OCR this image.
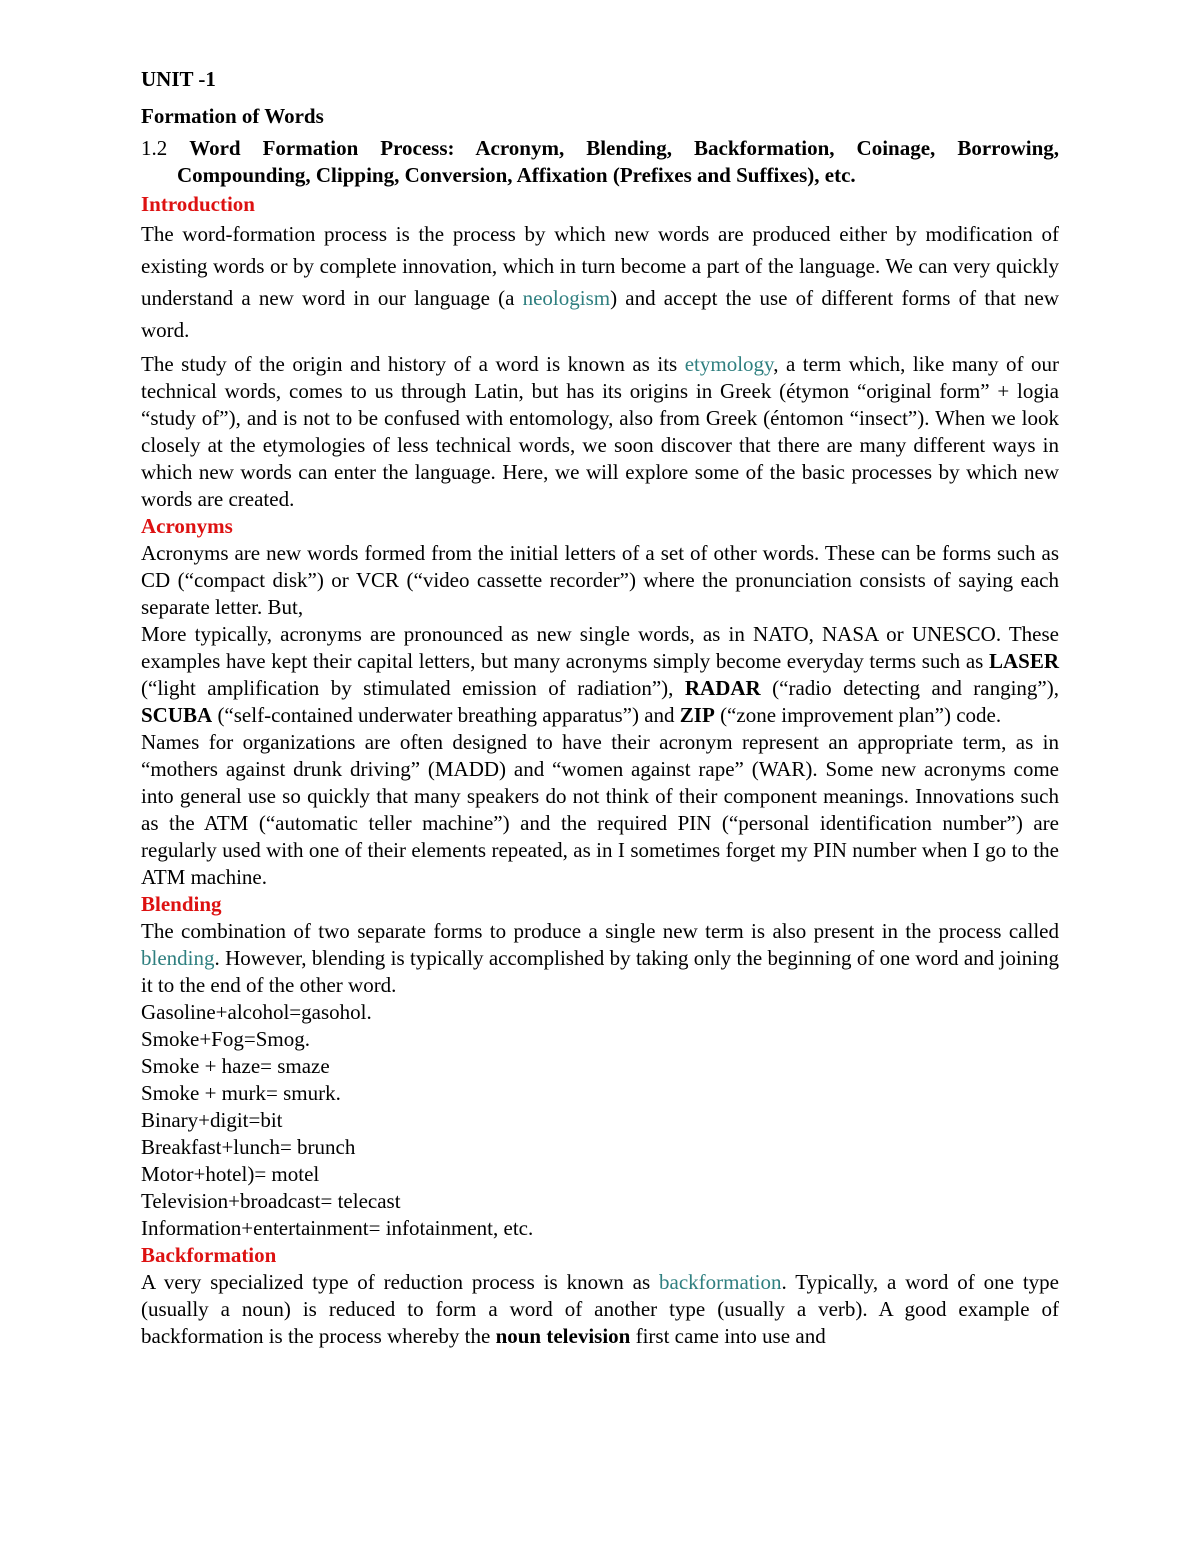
UNIT -1

Formation of Words

1.2 Word Formation Process: Acronym, Blending, Backformation, Coinage, Borrowing, Compounding, Clipping, Conversion, Affixation (Prefixes and Suffixes), etc.

Introduction

The word-formation process is the process by which new words are produced either by modification of existing words or by complete innovation, which in turn become a part of the language. We can very quickly understand a new word in our language (a neologism) and accept the use of different forms of that new word.

The study of the origin and history of a word is known as its etymology, a term which, like many of our technical words, comes to us through Latin, but has its origins in Greek (étymon “original form” + logia “study of”), and is not to be confused with entomology, also from Greek (éntomon “insect”). When we look closely at the etymologies of less technical words, we soon discover that there are many different ways in which new words can enter the language. Here, we will explore some of the basic processes by which new words are created.

Acronyms

Acronyms are new words formed from the initial letters of a set of other words. These can be forms such as CD (“compact disk”) or VCR (“video cassette recorder”) where the pronunciation consists of saying each separate letter. But,

More typically, acronyms are pronounced as new single words, as in NATO, NASA or UNESCO. These examples have kept their capital letters, but many acronyms simply become everyday terms such as LASER (“light amplification by stimulated emission of radiation”), RADAR (“radio detecting and ranging”), SCUBA (“self-contained underwater breathing apparatus”) and ZIP (“zone improvement plan”) code.

Names for organizations are often designed to have their acronym represent an appropriate term, as in “mothers against drunk driving” (MADD) and “women against rape” (WAR). Some new acronyms come into general use so quickly that many speakers do not think of their component meanings. Innovations such as the ATM (“automatic teller machine”) and the required PIN (“personal identification number”) are regularly used with one of their elements repeated, as in I sometimes forget my PIN number when I go to the ATM machine.

Blending

The combination of two separate forms to produce a single new term is also present in the process called blending. However, blending is typically accomplished by taking only the beginning of one word and joining it to the end of the other word.

Gasoline+alcohol=gasohol.

Smoke+Fog=Smog.

Smoke + haze= smaze

Smoke + murk= smurk.

Binary+digit=bit

Breakfast+lunch= brunch

Motor+hotel)= motel

Television+broadcast= telecast

Information+entertainment= infotainment, etc.

Backformation

A very specialized type of reduction process is known as backformation. Typically, a word of one type (usually a noun) is reduced to form a word of another type (usually a verb). A good example of backformation is the process whereby the noun television first came into use and
